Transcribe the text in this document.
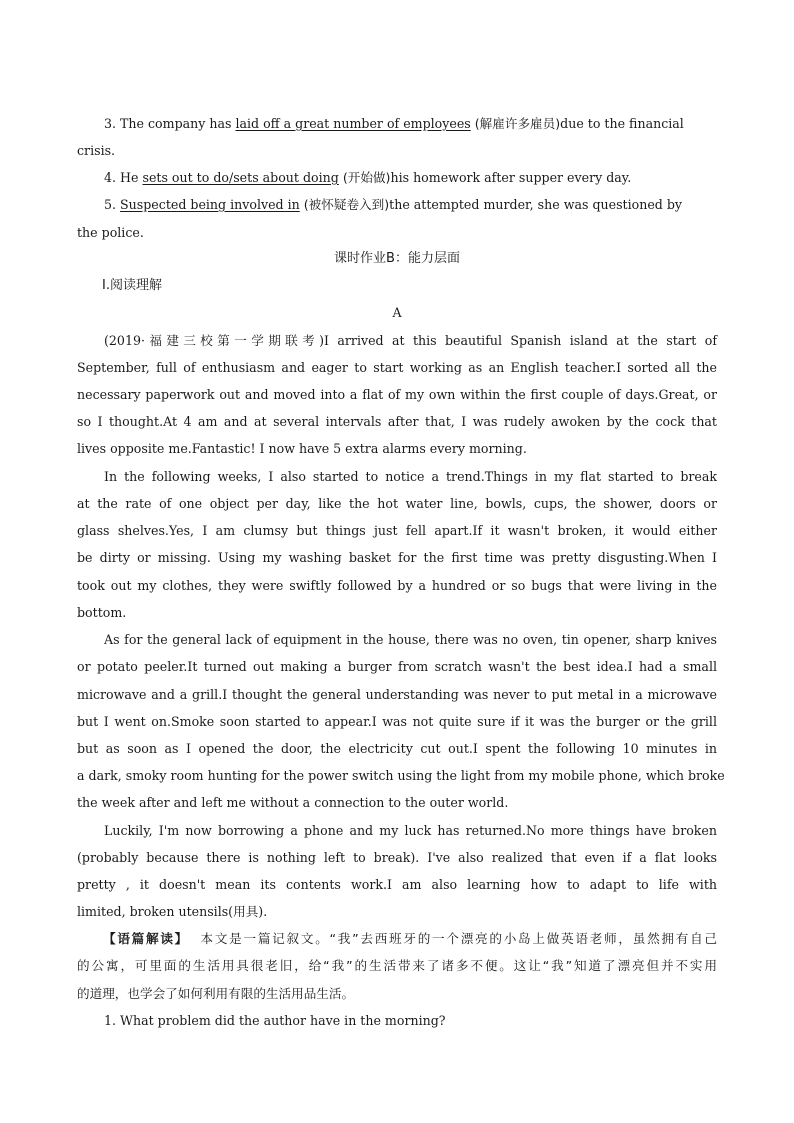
3. The company has laid off a great number of employees (解雇许多雇员)due to the financial
crisis.
4. He sets out to do/sets about doing (开始做)his homework after supper every day.
5. Suspected being involved in (被怀疑卷入到)the attempted murder, she was questioned by
the police.
课时作业B：能力层面
Ⅰ.阅读理解
A
(2019·福建三校第一学期联考)I arrived at this beautiful Spanish island at the start of
September, full of enthusiasm and eager to start working as an English teacher.I sorted all the
necessary paperwork out and moved into a flat of my own within the first couple of days.Great, or
so I thought.At 4 am and at several intervals after that, I was rudely awoken by the cock that
lives opposite me.Fantastic! I now have 5 extra alarms every morning.
In the following weeks, I also started to notice a trend.Things in my flat started to break
at the rate of one object per day, like the hot water line, bowls, cups, the shower, doors or
glass shelves.Yes, I am clumsy but things just fell apart.If it wasn't broken, it would either
be dirty or missing. Using my washing basket for the first time was pretty disgusting.When I
took out my clothes, they were swiftly followed by a hundred or so bugs that were living in the
bottom.
As for the general lack of equipment in the house, there was no oven, tin opener, sharp knives
or potato peeler.It turned out making a burger from scratch wasn't the best idea.I had a small
microwave and a grill.I thought the general understanding was never to put metal in a microwave
but I went on.Smoke soon started to appear.I was not quite sure if it was the burger or the grill
but as soon as I opened the door, the electricity cut out.I spent the following 10 minutes in
a dark, smoky room hunting for the power switch using the light from my mobile phone, which broke
the week after and left me without a connection to the outer world.
Luckily, I'm now borrowing a phone and my luck has returned.No more things have broken
(probably because there is nothing left to break). I've also realized that even if a flat looks
pretty , it doesn't mean its contents work.I am also learning how to adapt to life with
limited, broken utensils(用具).
【语篇解读】 本文是一篇记叙文。“我”去西班牙的一个漂亮的小岛上做英语老师，虽然拥有自己
的公寓，可里面的生活用具很老旧，给“我”的生活带来了诸多不便。这让“我”知道了漂亮但并不实用
的道理，也学会了如何利用有限的生活用品生活。
1. What problem did the author have in the morning?
